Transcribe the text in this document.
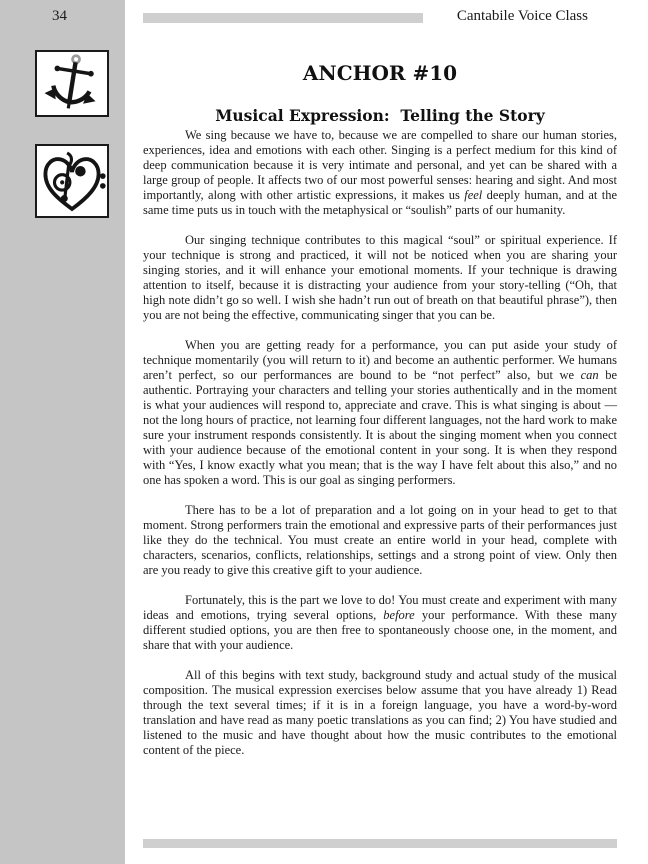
34	Cantabile Voice Class
ANCHOR #10
Musical Expression:  Telling the Story

We sing because we have to, because we are compelled to share our human stories, experiences, idea and emotions with each other. Singing is a perfect medium for this kind of deep communication because it is very intimate and personal, and yet can be shared with a large group of people. It affects two of our most powerful senses: hearing and sight. And most importantly, along with other artistic expressions, it makes us feel deeply human, and at the same time puts us in touch with the metaphysical or “soulish” parts of our humanity.

Our singing technique contributes to this magical “soul” or spiritual experience. If your technique is strong and practiced, it will not be noticed when you are sharing your singing stories, and it will enhance your emotional moments. If your technique is drawing attention to itself, because it is distracting your audience from your story-telling (“Oh, that high note didn’t go so well. I wish she hadn’t run out of breath on that beautiful phrase”), then you are not being the effective, communicating singer that you can be.

When you are getting ready for a performance, you can put aside your study of technique momentarily (you will return to it) and become an authentic performer. We humans aren’t perfect, so our performances are bound to be “not perfect” also, but we can be authentic. Portraying your characters and telling your stories authentically and in the moment is what your audiences will respond to, appreciate and crave. This is what singing is about — not the long hours of practice, not learning four different languages, not the hard work to make sure your instrument responds consistently. It is about the singing moment when you connect with your audience because of the emotional content in your song. It is when they respond with “Yes, I know exactly what you mean; that is the way I have felt about this also,” and no one has spoken a word. This is our goal as singing performers.

There has to be a lot of preparation and a lot going on in your head to get to that moment. Strong performers train the emotional and expressive parts of their performances just like they do the technical. You must create an entire world in your head, complete with characters, scenarios, conflicts, relationships, settings and a strong point of view. Only then are you ready to give this creative gift to your audience.

Fortunately, this is the part we love to do! You must create and experiment with many ideas and emotions, trying several options, before your performance. With these many different studied options, you are then free to spontaneously choose one, in the moment, and share that with your audience.

All of this begins with text study, background study and actual study of the musical composition. The musical expression exercises below assume that you have already 1) Read through the text several times; if it is in a foreign language, you have a word-by-word translation and have read as many poetic translations as you can find; 2) You have studied and listened to the music and have thought about how the music contributes to the emotional content of the piece.
